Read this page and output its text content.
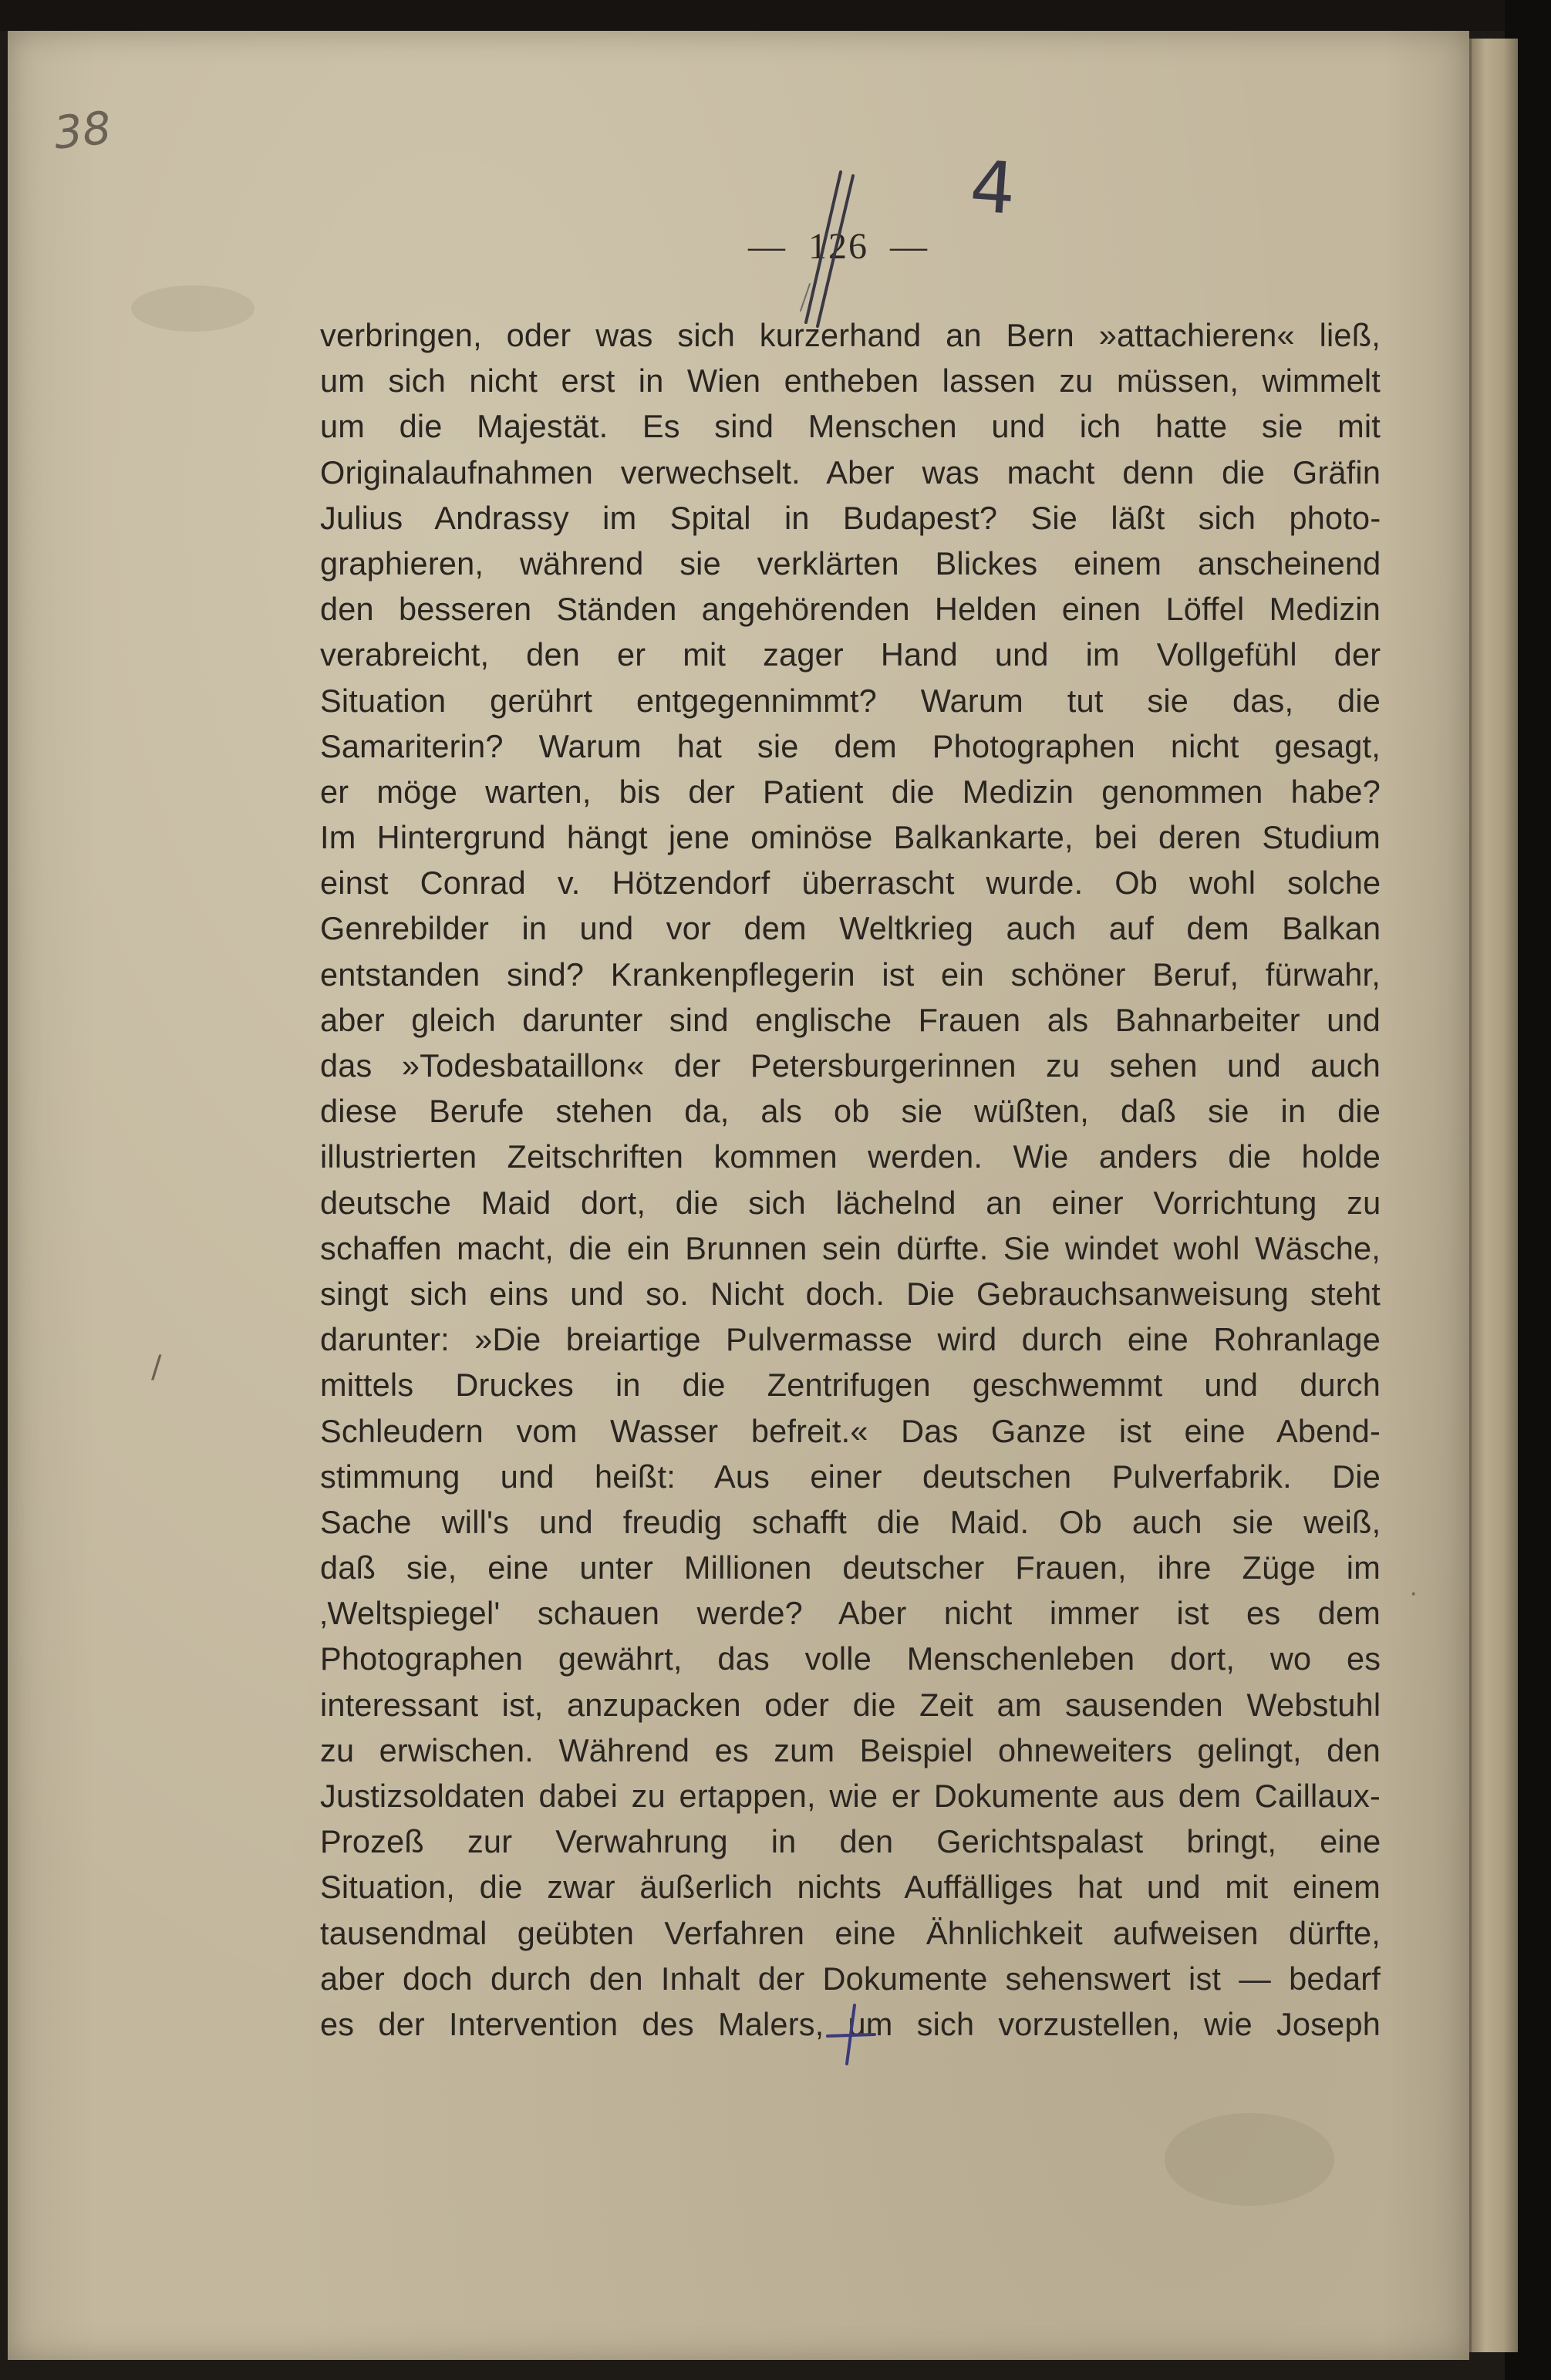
38
— 126 —
4
verbringen, oder was sich kurzerhand an Bern »attachieren« ließ,
um sich nicht erst in Wien entheben lassen zu müssen, wimmelt
um die Majestät. Es sind Menschen und ich hatte sie mit
Originalaufnahmen verwechselt. Aber was macht denn die Gräfin
Julius Andrassy im Spital in Budapest? Sie läßt sich photo-
graphieren, während sie verklärten Blickes einem anscheinend
den besseren Ständen angehörenden Helden einen Löffel Medizin
verabreicht, den er mit zager Hand und im Vollgefühl der
Situation gerührt entgegennimmt? Warum tut sie das, die
Samariterin? Warum hat sie dem Photographen nicht gesagt,
er möge warten, bis der Patient die Medizin genommen habe?
Im Hintergrund hängt jene ominöse Balkankarte, bei deren Studium
einst Conrad v. Hötzendorf überrascht wurde. Ob wohl solche
Genrebilder in und vor dem Weltkrieg auch auf dem Balkan
entstanden sind? Krankenpflegerin ist ein schöner Beruf, fürwahr,
aber gleich darunter sind englische Frauen als Bahnarbeiter und
das »Todesbataillon« der Petersburgerinnen zu sehen und auch
diese Berufe stehen da, als ob sie wüßten, daß sie in die
illustrierten Zeitschriften kommen werden. Wie anders die holde
deutsche Maid dort, die sich lächelnd an einer Vorrichtung zu
schaffen macht, die ein Brunnen sein dürfte. Sie windet wohl Wäsche,
singt sich eins und so. Nicht doch. Die Gebrauchsanweisung steht
darunter: »Die breiartige Pulvermasse wird durch eine Rohranlage
mittels Druckes in die Zentrifugen geschwemmt und durch
Schleudern vom Wasser befreit.« Das Ganze ist eine Abend-
stimmung und heißt: Aus einer deutschen Pulverfabrik. Die
Sache will's und freudig schafft die Maid. Ob auch sie weiß,
daß sie, eine unter Millionen deutscher Frauen, ihre Züge im
‚Weltspiegel' schauen werde? Aber nicht immer ist es dem
Photographen gewährt, das volle Menschenleben dort, wo es
interessant ist, anzupacken oder die Zeit am sausenden Webstuhl
zu erwischen. Während es zum Beispiel ohneweiters gelingt, den
Justizsoldaten dabei zu ertappen, wie er Dokumente aus dem Caillaux-
Prozeß zur Verwahrung in den Gerichtspalast bringt, eine
Situation, die zwar äußerlich nichts Auffälliges hat und mit einem
tausendmal geübten Verfahren eine Ähnlichkeit aufweisen dürfte,
aber doch durch den Inhalt der Dokumente sehenswert ist — bedarf
es der Intervention des Malers, um sich vorzustellen, wie Joseph
/
·
